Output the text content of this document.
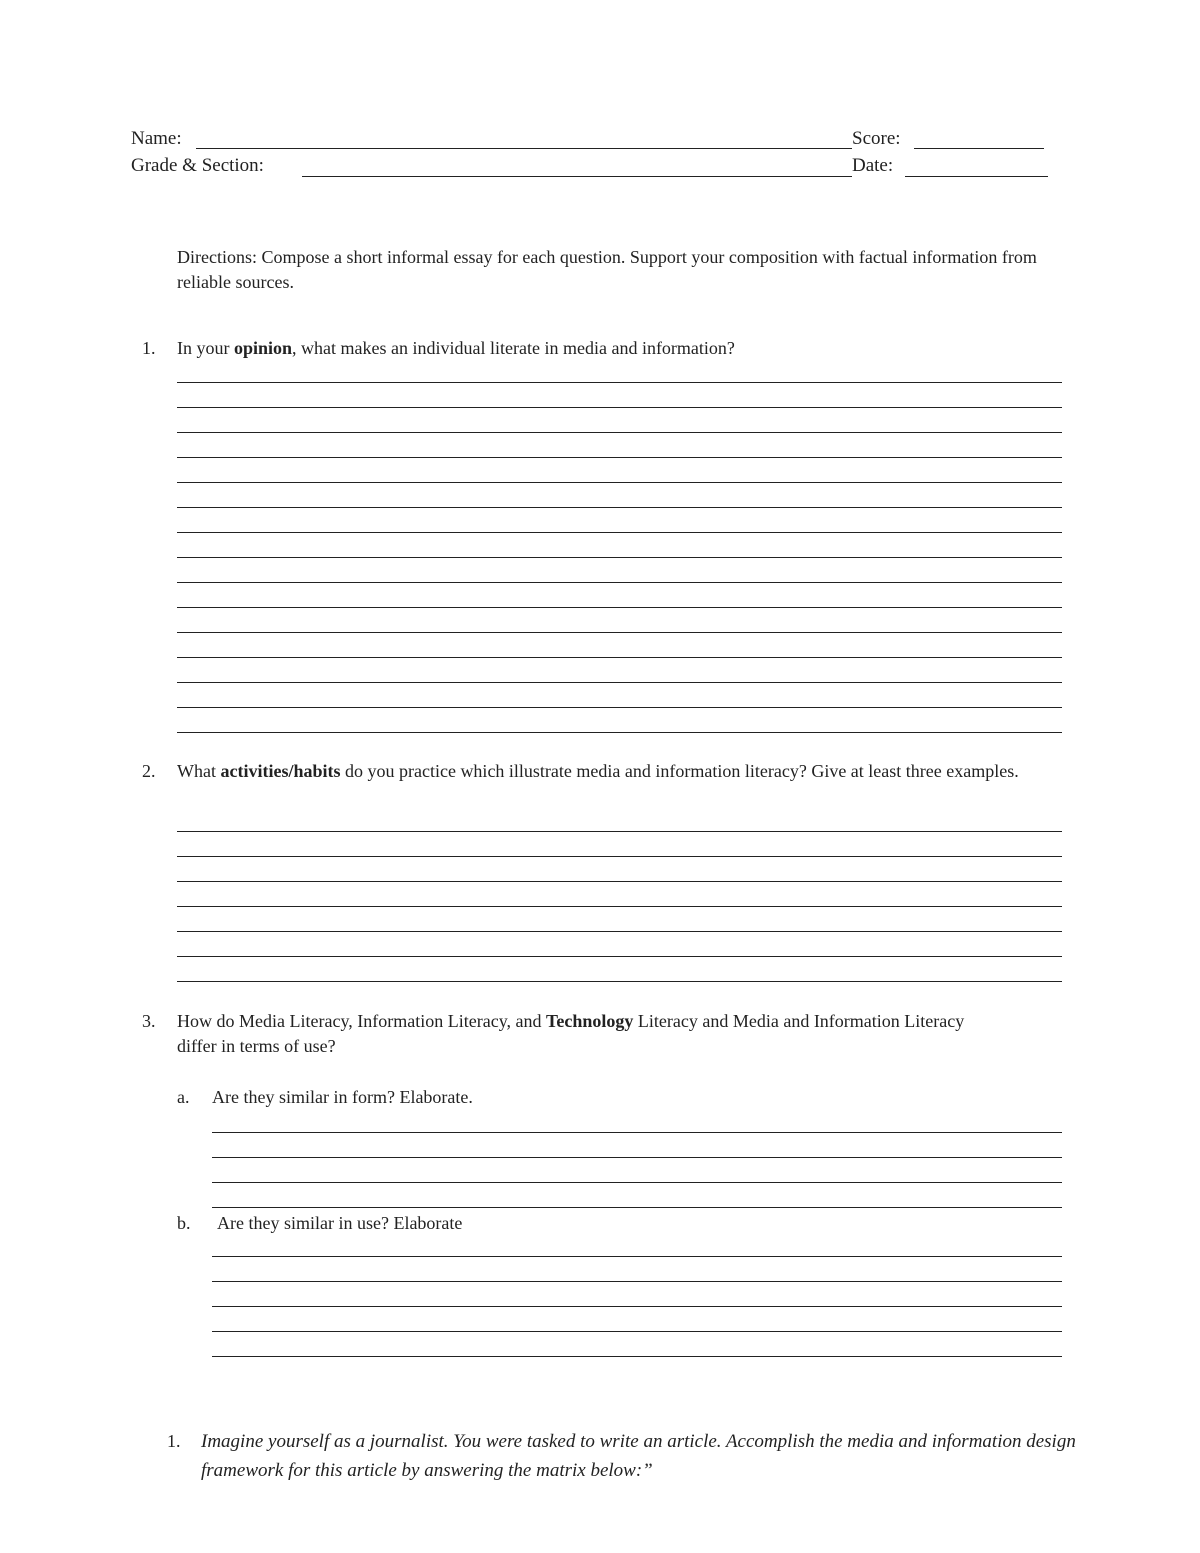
Name:	Score:
Grade & Section:	Date:
Directions: Compose a short informal essay for each question. Support your composition with factual information from reliable sources.
1. In your opinion, what makes an individual literate in media and information?
2. What activities/habits do you practice which illustrate media and information literacy? Give at least three examples.
3. How do Media Literacy, Information Literacy, and Technology Literacy and Media and Information Literacy differ in terms of use?
a. Are they similar in form? Elaborate.
b. Are they similar in use? Elaborate
1. Imagine yourself as a journalist. You were tasked to write an article. Accomplish the media and information design framework for this article by answering the matrix below:”
